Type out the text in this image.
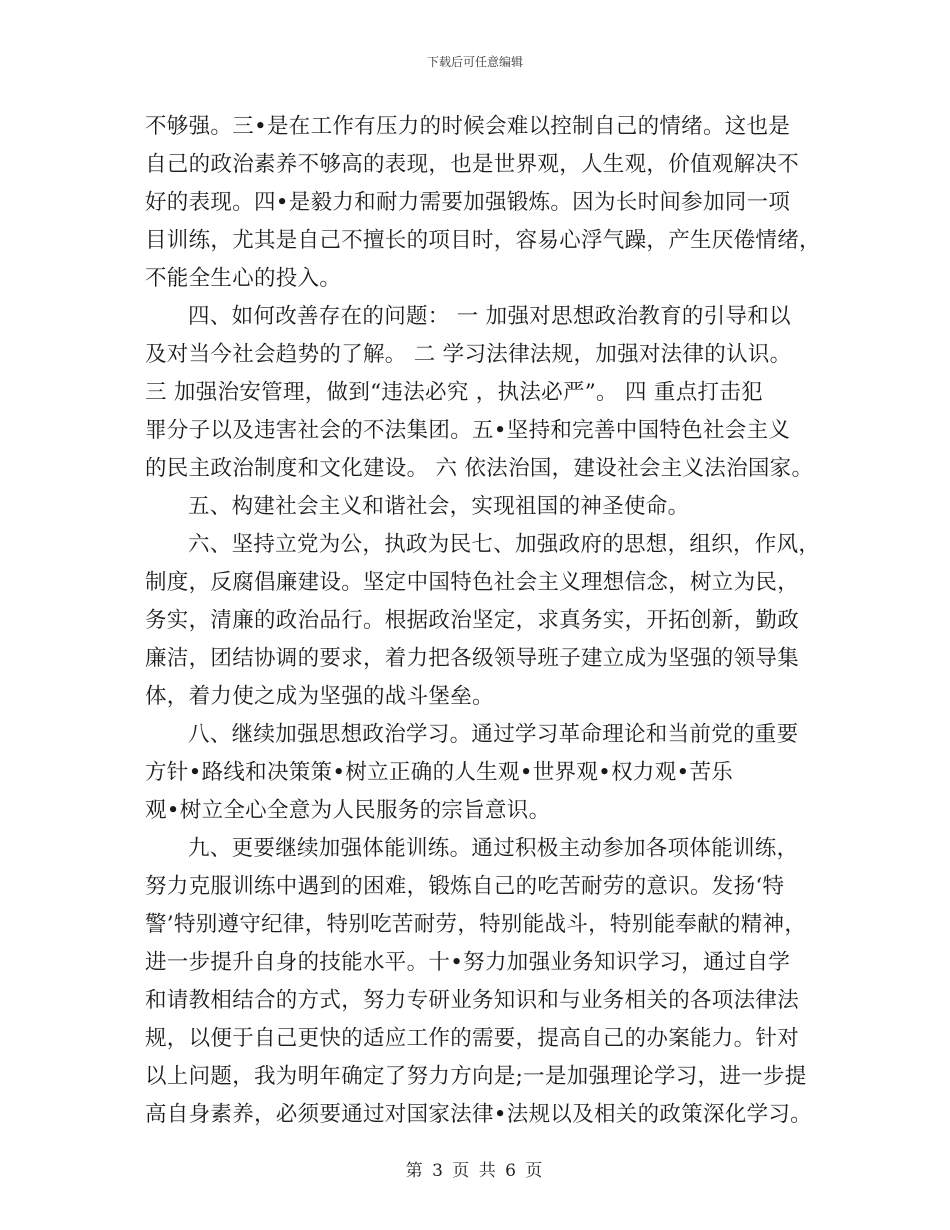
下载后可任意编辑
不够强。三•是在工作有压力的时候会难以控制自己的情绪。这也是
自己的政治素养不够高的表现，也是世界观，人生观，价值观解决不
好的表现。四•是毅力和耐力需要加强锻炼。因为长时间参加同一项
目训练，尤其是自己不擅长的项目时，容易心浮气躁，产生厌倦情绪，
不能全生心的投入。
四、如何改善存在的问题： 一 加强对思想政治教育的引导和以
及对当今社会趋势的了解。 二 学习法律法规，加强对法律的认识。
三 加强治安管理，做到“违法必究 ，执法必严”。 四 重点打击犯
罪分子以及违害社会的不法集团。五•坚持和完善中国特色社会主义
的民主政治制度和文化建设。 六 依法治国，建设社会主义法治国家。
五、构建社会主义和谐社会，实现祖国的神圣使命。
六、坚持立党为公，执政为民七、加强政府的思想，组织，作风，
制度，反腐倡廉建设。坚定中国特色社会主义理想信念，树立为民，
务实，清廉的政治品行。根据政治坚定，求真务实，开拓创新，勤政
廉洁，团结协调的要求，着力把各级领导班子建立成为坚强的领导集
体，着力使之成为坚强的战斗堡垒。
八、继续加强思想政治学习。通过学习革命理论和当前党的重要
方针•路线和决策策•树立正确的人生观•世界观•权力观•苦乐
观•树立全心全意为人民服务的宗旨意识。
九、更要继续加强体能训练。通过积极主动参加各项体能训练，
努力克服训练中遇到的困难，锻炼自己的吃苦耐劳的意识。发扬‘特
警’特别遵守纪律，特别吃苦耐劳，特别能战斗，特别能奉献的精神，
进一步提升自身的技能水平。十•努力加强业务知识学习，通过自学
和请教相结合的方式，努力专研业务知识和与业务相关的各项法律法
规，以便于自己更快的适应工作的需要，提高自己的办案能力。针对
以上问题，我为明年确定了努力方向是;一是加强理论学习，进一步提
高自身素养，必须要通过对国家法律•法规以及相关的政策深化学习。
第 3 页 共 6 页
